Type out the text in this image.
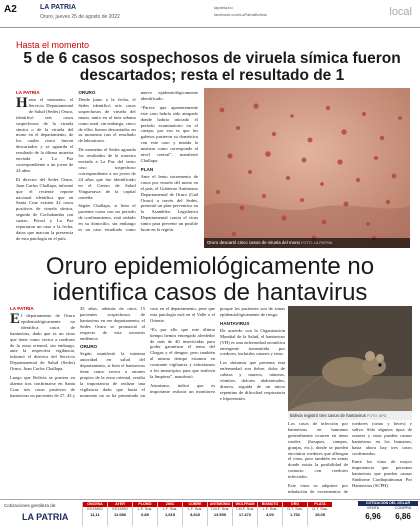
A2	LA PATRIA
Oruro, jueves 25 de agosto de 2022
lapatria.bo
facebook.com/LaPatriaBolivia	local
Hasta el momento
5 de 6 casos sospechosos de viruela símica fueron descartados; resta el resultado de 1
LA PATRIA

Hasta el momento, el Servicio Departamental de Salud (Sedes) Oruro, identificó seis casos sospechosos de la viruela símica o de la viruela del mono en el departamento, de los cuales cinco fueron descartados y se aguarda el resultado de la última muestra enviada a La Paz correspondiente a un joven de 24 años.

El director del Sedes Oruro, Juan Carlos Challapa, informó que el reciente reporte nacional identifica que en Santa Cruz existen 42 casos positivos de viruela símica, seguido de Cochabamba con cuatro, Potosí y La Paz reportaron un caso a la fecha, datos que marcan la presencia de esta patología en el país.

ORURO

Desde junio a la fecha, el Sedes identificó seis casos sospechosos de viruela del mono, tanto en el área urbana como rural, sin embargo, cinco de ellos fueron descartados en su momento tras el resultado de laboratorio.

De momento el Sedes aguarda los resultados de la muestra enviada a La Paz del sexto caso sospechoso correspondiente a un joven de 24 años que fue identificado en el Centro de Salud Vinguerawa de la capital orureña.

Según Challapa, si bien el paciente cursa con un periodo de confinamiento, está aislado en su domicilio, sin embargo es un caso estudiado como nuevo epidemiológicamente identificado.

“Parece que aparentemente este caso habría sido atrapado donde habría iniciado el período examinatorio en el cuerpo, por eso es que los galenos pusieron su doméstica con este caso y manda la muestra como corresponde al nivel central”, manifestó Challapa.

PLAN

Ante el lento incremento de casos por viruela del mono en el país, el Gobierno Autónomo Departamental de Oruro (Gad Oruro) a través del Sedes, presentó un plan preventivo en la Asamblea Legislativa Departamental contra el virus simio para prevenir un posible brote en la región.

Oruro descartó cinco casos de viruela del mono FOTO: LA PATRIA
Oruro epidemiológicamente no identifica casos de hantavirus
LA PATRIA

El departamento de Oruro epidemiológicamente no identifica casos de hantavirus, dado que es un virus que tiene como vector a roedores de la zona oriental, sin embargo, ante la respectiva vigilancia, informó el director del Servicio Departamental de Salud (Sedes) Oruro, Juan Carlos Challapa.

Luego que Bolivia se pusiera en alarma tras confirmarse en Santa Cruz tres casos positivos de hantavirus en pacientes de 27, 43 y 45 años, además de otros 15 pacientes sospechosos de hantavirus en ese departamento, el Sedes Oruro se pronunció al respecto de esta zoonosis endémica.

ORURO

Según manifestó la máxima autoridad en salud del departamento, si bien el hantavirus tiene como vector a ratones propios de la zona oriental, resalta la importancia de realizar una vigilancia dado que hasta el momento no se ha presentado un caso en el departamento, pese que esta patología está en el Valle o el Oriente.

“Es por ello que este último tiempo hemos entregado alrededor de más de 40 insecticidas para poder garantizar el tema del Chagas y el dengue, pero también al mismo tiempo estamos en constante vigilancia y exhortamos a los municipios para que realicen la limpieza”, manifestó.

Asimismo, indicó que es importante realizar un monitoreo porque los pacientes son de zonas epidemiológicamente de riesgo.

HANTAVIRUS

De acuerdo con la Organización Mundial de la Salud, el hantavirus (VH) es una enfermedad zoonótica emergente transmitida por roedores, incluidos ratones y ratas.

Los síntomas que presenta esta enfermedad son fiebre, dolor de cabeza y mareos, náuseas, vómitos, dolores abdominales, diarrea, seguida de un inicio repentino de dificultad respiratoria e hipotensión.

Bolivia registró tres casos de hantavirus FOTO: APG

Los casos de infección por hantavirus en humanos generalmente ocurren en áreas rurales (bosques, campos, granjas, etc.), donde se pueden encontrar roedores que albergan el virus, pero también en zonas donde exista la posibilidad de contacto con roedores infectados.

Este virus se adquiere por inhalación de excrementos de roedores (orina y heces) y saliva. Sólo algunos tipos de ratones y ratas pueden causar hantavirus en los humanos, hasta ahora hay tres casos confirmados.

Entre los virus de mayor importancia que personas hantavirus que pueden causar Síndrome Cardiopulmonar Por Hantavirus (SCPH).

Cotizaciones gentileza de:
LA PATRIA
ONCENA
ESTAÑO
11,11
AYER
ESTAÑO
11.080
PLOMO
L.F. Sus.
0,89
ZINC
L.F. Sus.
1,615
COBRE
L.F. Sus.
3,643
ANTIMONIO
T.M.F. Sus.
13.500
WOLFRAM
T.M.F. Sus.
17.472
BISMUTO
L.F. Sus.
4,00
ORO
O.T. Sus.
1.752
PLATA
O.T. Sus.
19,05
COTIZACIÓN DEL DÓLAR
VENTA
6,96
COMPRA
6,86
